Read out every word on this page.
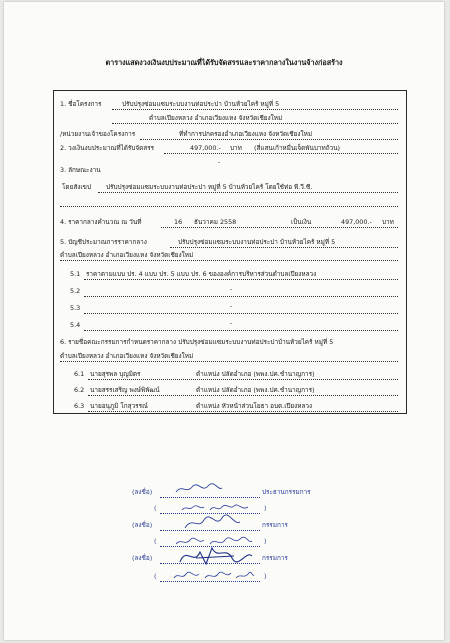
ตารางแสดงวงเงินงบประมาณที่ได้รับจัดสรรและราคากลางในงานจ้างก่อสร้าง
1. ชื่อโครงการ	ปรับปรุงซ่อมแซมระบบงานท่อประปา บ้านห้วยไคร้ หมู่ที่ 5
ตำบลเปียงหลวง อำเภอเวียงแหง จังหวัดเชียงใหม่
/หน่วยงานเจ้าของโครงการ	ที่ทำการปกครองอำเภอเวียงแหง จังหวัดเชียงใหม่
2. วงเงินงบประมาณที่ได้รับจัดสรร	497,000.- บาท (สี่แสนเก้าหมื่นเจ็ดพันบาทถ้วน)
-
3. ลักษณะงาน
โดยสังเขป ปรับปรุงซ่อมแซมระบบงานท่อประปา หมู่ที่ 5 บ้านห้วยไคร้ โดยใช้ท่อ พี.วี.ซี.
4. ราคากลางคำนวณ ณ วันที่	16 ธันวาคม 2558	เป็นเงิน	497,000.- บาท
5. บัญชีประมาณการราคากลาง	ปรับปรุงซ่อมแซมระบบงานท่อประปา บ้านห้วยไคร้ หมู่ที่ 5
ตำบลเปียงหลวง อำเภอเวียงแหง จังหวัดเชียงใหม่
5.1 ราคาตามแบบ ปร. 4 แบบ ปร. 5 แบบ ปร. 6 ขององค์การบริหารส่วนตำบลเปียงหลวง
5.2	-
5.3	-
5.4	-
6. รายชื่อคณะกรรมการกำหนดราคากลาง ปรับปรุงซ่อมแซมระบบงานท่อประปาบ้านห้วยไคร้ หมู่ที่ 5
ตำบลเปียงหลวง อำเภอเวียงแหง จังหวัดเชียงใหม่
6.1 นายสุรพล บุญมิตร	ตำแหน่ง ปลัดอำเภอ (พพง.ปค.ชำนาญการ)
6.2 นายสรรเสริญ พงษ์พิพัฒน์	ตำแหน่ง ปลัดอำเภอ (พพง.ปค.ชำนาญการ)
6.3 นายอนุภูมิ โกสุวรรณ์	ตำแหน่ง หัวหน้าส่วนโยธา อบต.เปียงหลวง
(ลงชื่อ)	ประธานกรรมการ
(	)
(ลงชื่อ)	กรรมการ
(	)
(ลงชื่อ)	กรรมการ
(	)
